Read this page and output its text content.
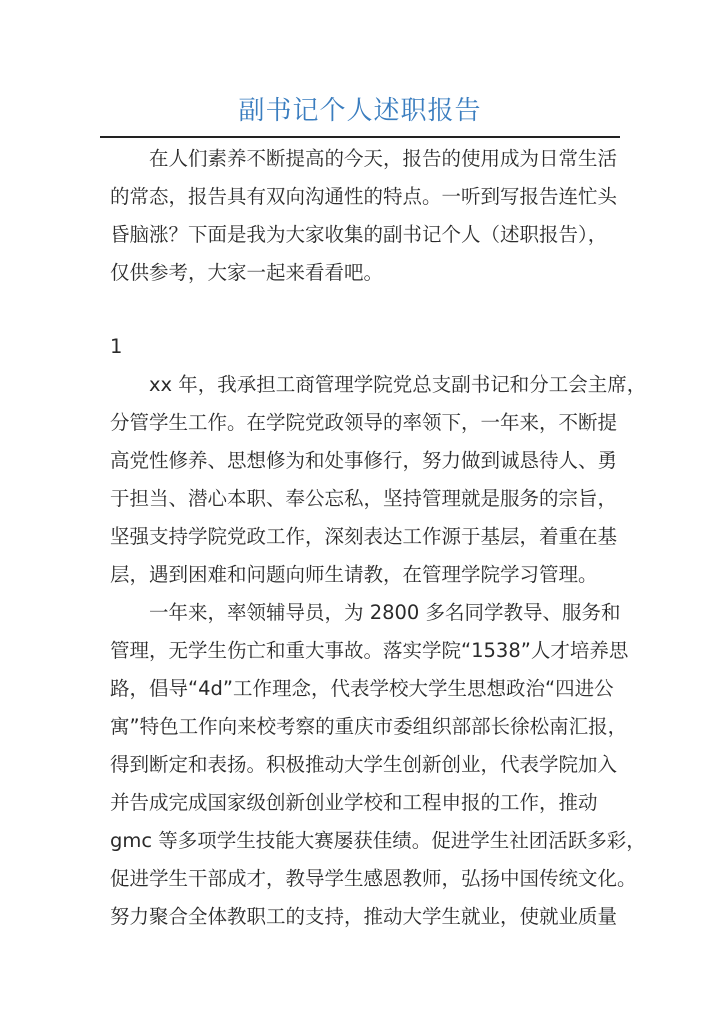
副书记个人述职报告
　　在人们素养不断提高的今天，报告的使用成为日常生活
的常态，报告具有双向沟通性的特点。一听到写报告连忙头
昏脑涨？下面是我为大家收集的副书记个人（述职报告），
仅供参考，大家一起来看看吧。
1
　　xx 年，我承担工商管理学院党总支副书记和分工会主席，
分管学生工作。在学院党政领导的率领下，一年来，不断提
高党性修养、思想修为和处事修行，努力做到诚恳待人、勇
于担当、潜心本职、奉公忘私，坚持管理就是服务的宗旨，
坚强支持学院党政工作，深刻表达工作源于基层，着重在基
层，遇到困难和问题向师生请教，在管理学院学习管理。
　　一年来，率领辅导员，为 2800 多名同学教导、服务和
管理，无学生伤亡和重大事故。落实学院“1538”人才培养思
路，倡导“4d”工作理念，代表学校大学生思想政治“四进公
寓”特色工作向来校考察的重庆市委组织部部长徐松南汇报，
得到断定和表扬。积极推动大学生创新创业，代表学院加入
并告成完成国家级创新创业学校和工程申报的工作，推动
gmc 等多项学生技能大赛屡获佳绩。促进学生社团活跃多彩，
促进学生干部成才，教导学生感恩教师，弘扬中国传统文化。
努力聚合全体教职工的支持，推动大学生就业，使就业质量
